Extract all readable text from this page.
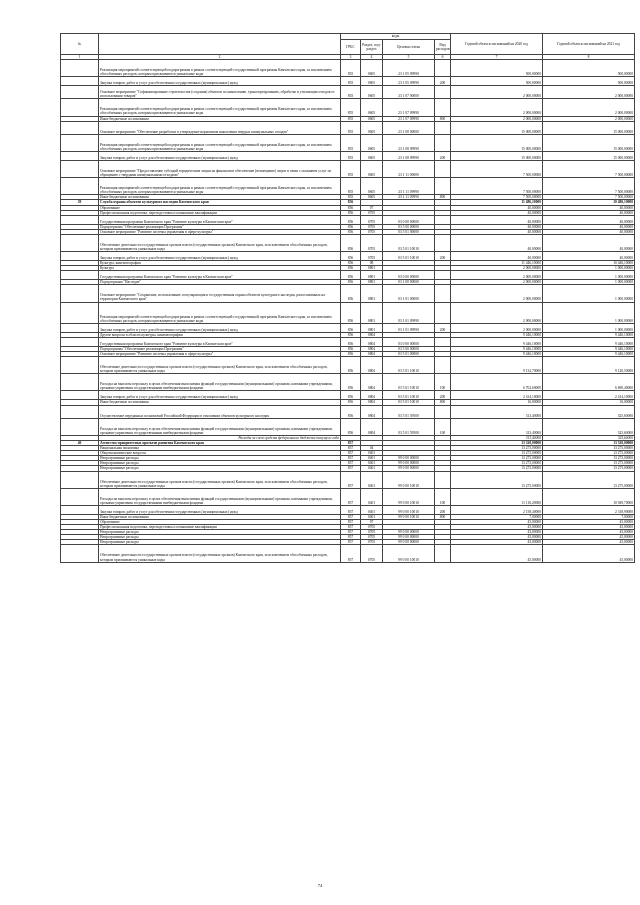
№		коды				Годовой объем ассигнований на 2020 год	Годовой объем ассигнований на 2021 год
		ГРБС	Раздел, под-раздел	Целевая статья	Вид расходов		
1	2	3	4	5	6	7	8
	Реализация мероприятий соответствующей подпрограммы в рамках соответствующей государственной программы Камчатского края, за исключением обособленных расходов, которым присваиваются уникальные коды	855	0605	23 1 05 09990		500,00000	500,00000
	Закупка товаров, работ и услуг для обеспечения государственных (муниципальных) нужд	855	0605	23 1 05 09990	200	500,00000	500,00000
	Основное мероприятие "Софинансирование строительства (создания) объектов по накоплению, транспортированию, обработке и утилизации отходов от использования товаров"	855	0605	23 1 07 00000		2 000,00000	2 000,00000
	Реализация мероприятий соответствующей подпрограммы в рамках соответствующей государственной программы Камчатского края, за исключением обособленных расходов, которым присваиваются уникальные коды	855	0605	23 1 07 09990		2 000,00000	2 000,00000
	Иные бюджетные ассигнования	855	0605	23 1 07 09990	800	2 000,00000	2 000,00000
	Основное мероприятие "Обеспечение разработки и утверждение нормативов накопления твердых коммунальных отходов"	855	0605	23 1 08 00000		15 000,00000	15 000,00000
	Реализация мероприятий соответствующей подпрограммы в рамках соответствующей государственной программы Камчатского края, за исключением обособленных расходов, которым присваиваются уникальные коды	855	0605	23 1 08 09990		15 000,00000	15 000,00000
	Закупка товаров, работ и услуг для обеспечения государственных (муниципальных) нужд	855	0605	23 1 08 09990	200	15 000,00000	15 000,00000
	Основное мероприятие "Предоставление субсидий юридическим лицам на финансовое обеспечение (возмещение) затрат в связи с оказанием услуг по обращению с твердыми коммунальными отходами"	855	0605	23 1 11 00000		7 500,00000	7 500,00000
	Реализация мероприятий соответствующей подпрограммы в рамках соответствующей государственной программы Камчатского края, за исключением обособленных расходов, которым присваиваются уникальные коды	855	0605	23 1 11 09990		7 500,00000	7 500,00000
	Иные бюджетные ассигнования	855	0605	23 1 11 09990	800	7 500,00000	7 500,00000
39	Служба охраны объектов культурного наследия Камчатского края	856				11 486,10000	10 486,10000
	Образование	856	07			40,00000	40,00000
	Профессиональная подготовка, переподготовка и повышение квалификации	856	0705			40,00000	40,00000
	Государственная программа Камчатского края "Развитие культуры в Камчатском крае"	856	0705	03 0 00 00000		40,00000	40,00000
	Подпрограмма "Обеспечение реализации Программы"	856	0705	03 5 00 00000		40,00000	40,00000
	Основное мероприятие "Развитие системы управления в сфере культуры"	856	0705	03 5 01 00000		40,00000	40,00000
	Обеспечение деятельности государственных органов власти (государственных органов) Камчатского края, за исключением обособленных расходов, которым присваиваются уникальные коды	856	0705	03 5 01 10010		40,00000	40,00000
	Закупка товаров, работ и услуг для обеспечения государственных (муниципальных) нужд	856	0705	03 5 01 10010	200	40,00000	40,00000
	Культура, кинематография	856	08			11 446,10000	10 446,10000
	Культура	856	0801			2 000,00000	1 000,00000
	Государственная программа Камчатского края "Развитие культуры в Камчатском крае"	856	0801	03 0 00 00000		2 000,00000	1 000,00000
	Подпрограмма "Наследие"	856	0801	03 1 00 00000		2 000,00000	1 000,00000
	Основное мероприятие "Сохранение, использование, популяризация и государственная охрана объектов культурного наследия, расположенных на территории Камчатского края"	856	0801	03 1 01 00000		2 000,00000	1 000,00000
	Реализация мероприятий соответствующей подпрограммы в рамках соответствующей государственной программы Камчатского края, за исключением обособленных расходов, которым присваиваются уникальные коды	856	0801	03 1 01 09990		2 000,00000	1 000,00000
	Закупка товаров, работ и услуг для обеспечения государственных (муниципальных) нужд	856	0801	03 1 01 09990	200	2 000,00000	1 000,00000
	Другие вопросы в области культуры, кинематографии	856	0804			9 446,10000	9 446,10000
	Государственная программа Камчатского края "Развитие культуры в Камчатском крае"	856	0804	03 0 00 00000		9 446,10000	9 446,10000
	Подпрограмма "Обеспечение реализации Программы"	856	0804	03 5 00 00000		9 446,10000	9 446,10000
	Основное мероприятие "Развитие системы управления в сфере культуры"	856	0804	03 5 01 00000		9 446,10000	9 446,10000
	Обеспечение деятельности государственных органов власти (государственных органов) Камчатского края, за исключением обособленных расходов, которым присваиваются уникальные коды	856	0804	03 5 01 10010		9 132,70000	9 120,50000
	Расходы на выплаты персоналу в целях обеспечения выполнения функций государственными (муниципальными) органами, казенными учреждениями, органами управления государственными внебюджетными фондами	856	0804	03 5 01 10010	100	6 702,60000	6 690,40000
	Закупка товаров, работ и услуг для обеспечения государственных (муниципальных) нужд	856	0804	03 5 01 10010	200	2 414,10000	2 414,10000
	Иные бюджетные ассигнования	856	0804	03 5 01 10010	800	16,00000	16,00000
	Осуществление переданных полномочий Российской Федерации в отношении объектов культурного наследия	856	0804	03 5 01 59500		313,40000	325,60000
	Расходы на выплаты персоналу в целях обеспечения выполнения функций государственными (муниципальными) органами, казенными учреждениями, органами управления государственными внебюджетными фондами	856	0804	03 5 01 59500	100	313,40000	325,60000
	Расходы за счет средств федерального бюджета текущего года					313,40000	325,60000
40	Агентство приоритетных проектов развития Камчатского края	857				13 320,00000	13 320,00000
	Национальная экономика	857	04			13 275,00000	13 275,00000
	Общеэкономические вопросы	857	0401			13 275,00000	13 275,00000
	Непрограммные расходы	857	0401	99 0 00 00000		13 275,00000	13 275,00000
	Непрограммные расходы	857	0401	99 0 00 00000		13 275,00000	13 275,00000
	Непрограммные расходы	857	0401	99 0 00 00000		13 275,00000	13 275,00000
	Обеспечение деятельности государственных органов власти (государственных органов) Камчатского края, за исключением обособленных расходов, которым присваиваются уникальные коды	857	0401	99 0 00 10010		13 275,00000	13 275,00000
	Расходы на выплаты персоналу в целях обеспечения выполнения функций государственными (муниципальными) органами, казенными учреждениями, органами управления государственными внебюджетными фондами	857	0401	99 0 00 10010	100	11 110,20000	10 949,70000
	Закупка товаров, работ и услуг для обеспечения государственных (муниципальных) нужд	857	0401	99 0 00 10010	200	2 158,40000	2 318,90000
	Иные бюджетные ассигнования	857	0401	99 0 00 10010	800	7,00000	7,00000
	Образование	857	07			45,00000	45,00000
	Профессиональная подготовка, переподготовка и повышение квалификации	857	0705			45,00000	45,00000
	Непрограммные расходы	857	0705	99 0 00 00000		45,00000	45,00000
	Непрограммные расходы	857	0705	99 0 00 00000		45,00000	45,00000
	Непрограммные расходы	857	0705	99 0 00 00000		45,00000	45,00000
	Обеспечение деятельности государственных органов власти (государственных органов) Камчатского края, за исключением обособленных расходов, которым присваиваются уникальные коды	857	0705	99 0 00 10010		45,00000	45,00000
74
